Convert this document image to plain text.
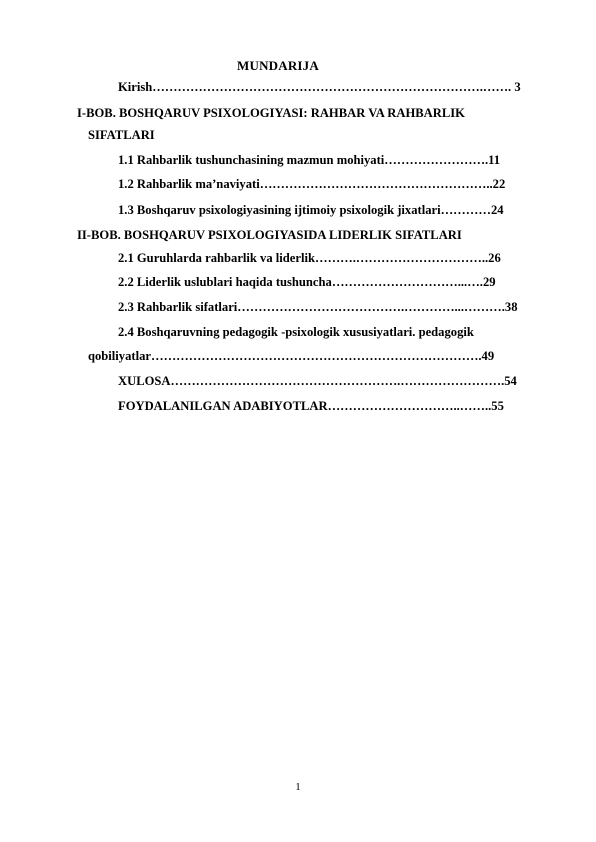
MUNDARIJA
Kirish…………………………………………………………………….……. 3
I-BOB. BOSHQARUV PSIXOLOGIYASI: RAHBAR VA RAHBARLIK
SIFATLARI
1.1 Rahbarlik tushunchasining mazmun mohiyati…………………….11
1.2 Rahbarlik ma’naviyati………………………………………………..22
1.3 Boshqaruv psixologiyasining ijtimoiy psixologik jixatlari…………24
II-BOB. BOSHQARUV PSIXOLOGIYASIDA LIDERLIK SIFATLARI
2.1 Guruhlarda rahbarlik va liderlik……….…………………………..26
2.2 Liderlik uslublari haqida tushuncha…………………………...….29
2.3 Rahbarlik sifatlari………………………………….…………...……….38
2.4 Boshqaruvning pedagogik -psixologik xususiyatlari. pedagogik
qobiliyatlar…………………………………………………………………….49
XULOSA……………………………………………….…………………….54
FOYDALANILGAN ADABIYOTLAR…………………………..……..55
1
